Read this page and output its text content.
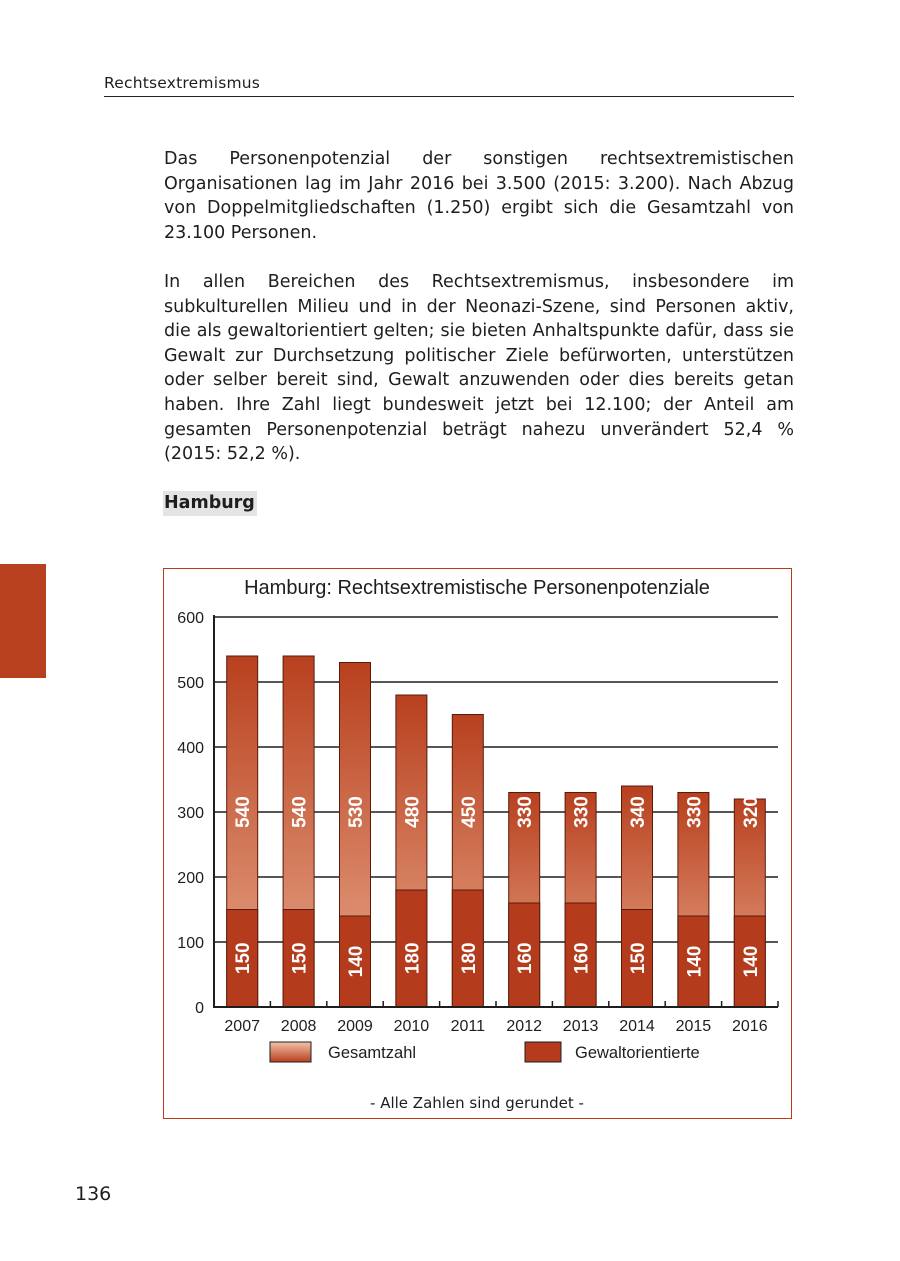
Rechtsextremismus

Das Personenpotenzial der sonstigen rechtsextremistischen Organisationen lag im Jahr 2016 bei 3.500 (2015: 3.200). Nach Abzug von Doppelmitgliedschaften (1.250) ergibt sich die Gesamtzahl von 23.100 Personen.

In allen Bereichen des Rechtsextremismus, insbesondere im subkulturellen Milieu und in der Neonazi-Szene, sind Personen aktiv, die als gewaltorientiert gelten; sie bieten Anhaltspunkte dafür, dass sie Gewalt zur Durchsetzung politischer Ziele befürworten, unterstützen oder selber bereit sind, Gewalt anzuwenden oder dies bereits getan haben. Ihre Zahl liegt bundesweit jetzt bei 12.100; der Anteil am gesamten Personenpotenzial beträgt nahezu unverändert 52,4 % (2015: 52,2 %).

Hamburg
Hamburg: Rechtsextremistische Personenpotenziale
540
150
540
150
530
140
480
180
450
180
330
160
330
160
340
150
330
140
320
140
0
100
200
300
400
500
600
2007 2008 2009 2010 2011 2012 2013 2014 2015 2016
Gesamtzahl	Gewaltorientierte
- Alle Zahlen sind gerundet -
136
